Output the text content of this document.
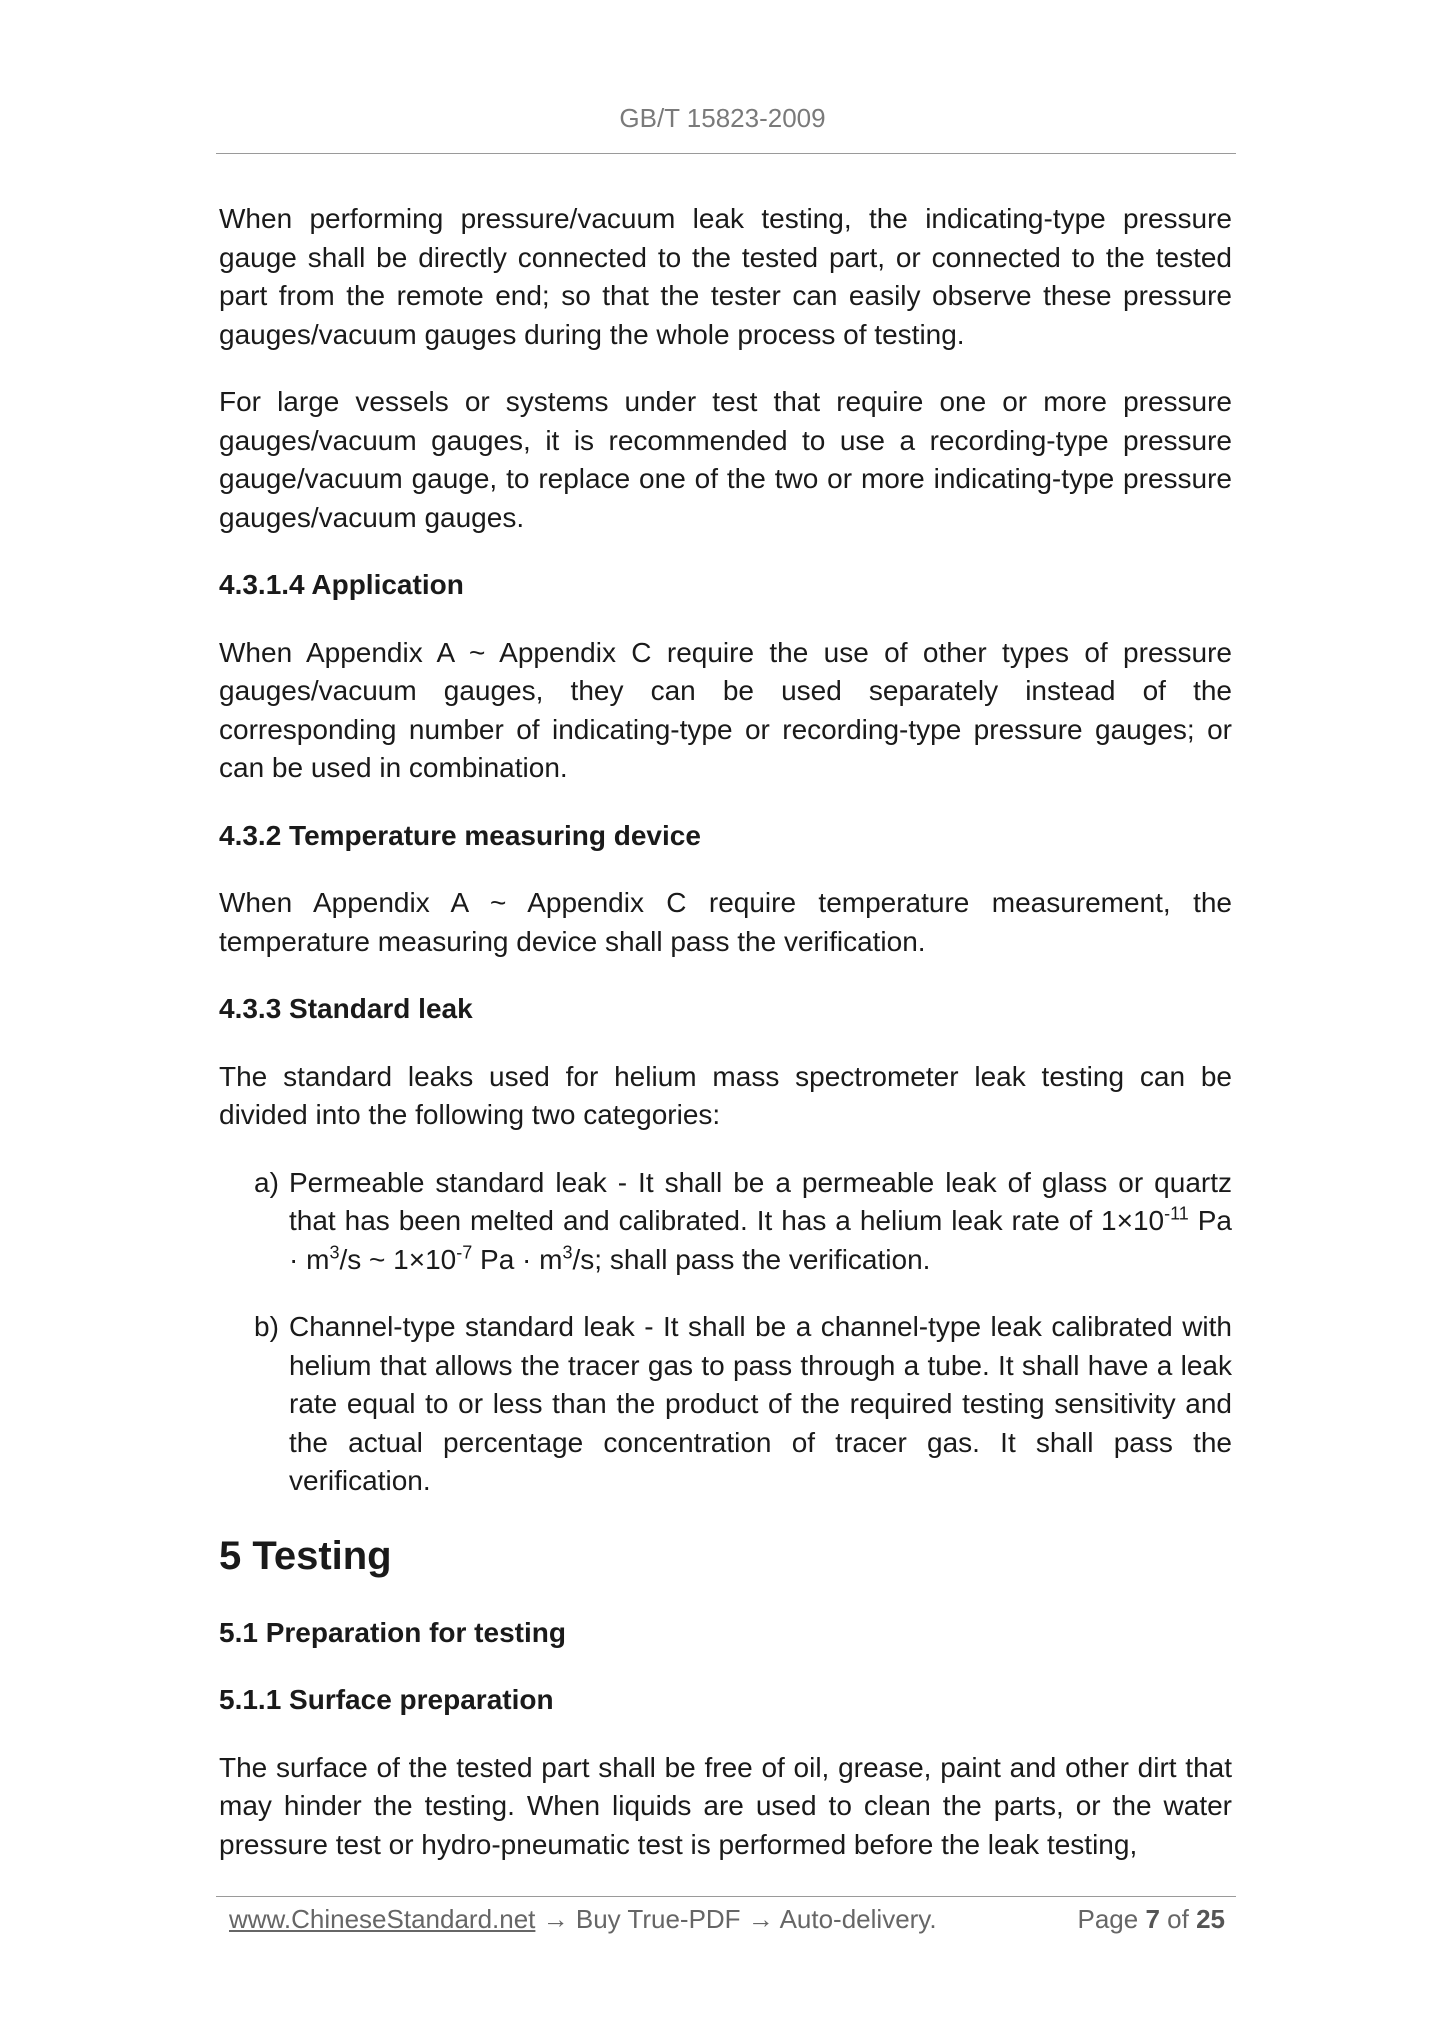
GB/T 15823-2009

When performing pressure/vacuum leak testing, the indicating-type pressure gauge shall be directly connected to the tested part, or connected to the tested part from the remote end; so that the tester can easily observe these pressure gauges/vacuum gauges during the whole process of testing.

For large vessels or systems under test that require one or more pressure gauges/vacuum gauges, it is recommended to use a recording-type pressure gauge/vacuum gauge, to replace one of the two or more indicating-type pressure gauges/vacuum gauges.

4.3.1.4 Application

When Appendix A ~ Appendix C require the use of other types of pressure gauges/vacuum gauges, they can be used separately instead of the corresponding number of indicating-type or recording-type pressure gauges; or can be used in combination.

4.3.2 Temperature measuring device

When Appendix A ~ Appendix C require temperature measurement, the temperature measuring device shall pass the verification.

4.3.3 Standard leak

The standard leaks used for helium mass spectrometer leak testing can be divided into the following two categories:

a) Permeable standard leak - It shall be a permeable leak of glass or quartz that has been melted and calibrated. It has a helium leak rate of $1\times 10^{-11}$ $Pa \cdot m^3/s$ ~ $1\times 10^{-7}$ $Pa \cdot m^3/s$; shall pass the verification.
b) Channel-type standard leak - It shall be a channel-type leak calibrated with helium that allows the tracer gas to pass through a tube. It shall have a leak rate equal to or less than the product of the required testing sensitivity and the actual percentage concentration of tracer gas. It shall pass the verification.
5 Testing
5.1 Preparation for testing
5.1.1 Surface preparation

The surface of the tested part shall be free of oil, grease, paint and other dirt that may hinder the testing. When liquids are used to clean the parts, or the water pressure test or hydro-pneumatic test is performed before the leak testing,

www.ChineseStandard.net → Buy True-PDF → Auto-delivery.	Page 7 of 25
